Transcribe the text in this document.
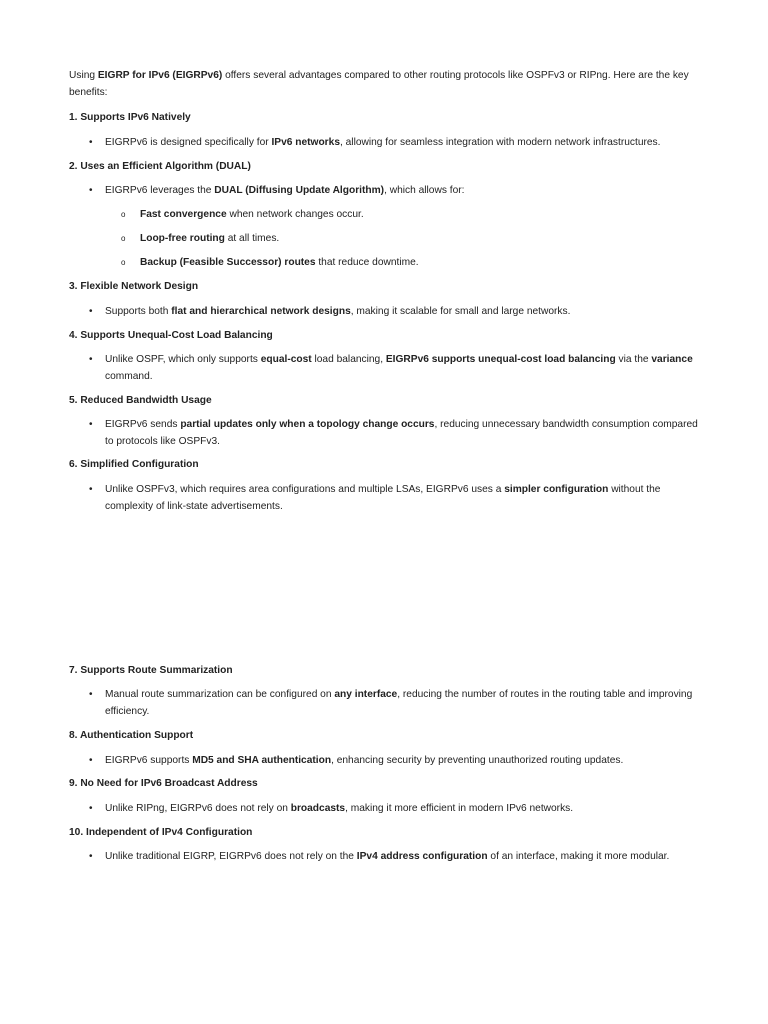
Using EIGRP for IPv6 (EIGRPv6) offers several advantages compared to other routing protocols like OSPFv3 or RIPng. Here are the key benefits:
1. Supports IPv6 Natively
• EIGRPv6 is designed specifically for IPv6 networks, allowing for seamless integration with modern network infrastructures.
2. Uses an Efficient Algorithm (DUAL)
• EIGRPv6 leverages the DUAL (Diffusing Update Algorithm), which allows for:
o Fast convergence when network changes occur.
o Loop-free routing at all times.
o Backup (Feasible Successor) routes that reduce downtime.
3. Flexible Network Design
• Supports both flat and hierarchical network designs, making it scalable for small and large networks.
4. Supports Unequal-Cost Load Balancing
• Unlike OSPF, which only supports equal-cost load balancing, EIGRPv6 supports unequal-cost load balancing via the variance command.
5. Reduced Bandwidth Usage
• EIGRPv6 sends partial updates only when a topology change occurs, reducing unnecessary bandwidth consumption compared to protocols like OSPFv3.
6. Simplified Configuration
• Unlike OSPFv3, which requires area configurations and multiple LSAs, EIGRPv6 uses a simpler configuration without the complexity of link-state advertisements.
7. Supports Route Summarization
• Manual route summarization can be configured on any interface, reducing the number of routes in the routing table and improving efficiency.
8. Authentication Support
• EIGRPv6 supports MD5 and SHA authentication, enhancing security by preventing unauthorized routing updates.
9. No Need for IPv6 Broadcast Address
• Unlike RIPng, EIGRPv6 does not rely on broadcasts, making it more efficient in modern IPv6 networks.
10. Independent of IPv4 Configuration
• Unlike traditional EIGRP, EIGRPv6 does not rely on the IPv4 address configuration of an interface, making it more modular.
